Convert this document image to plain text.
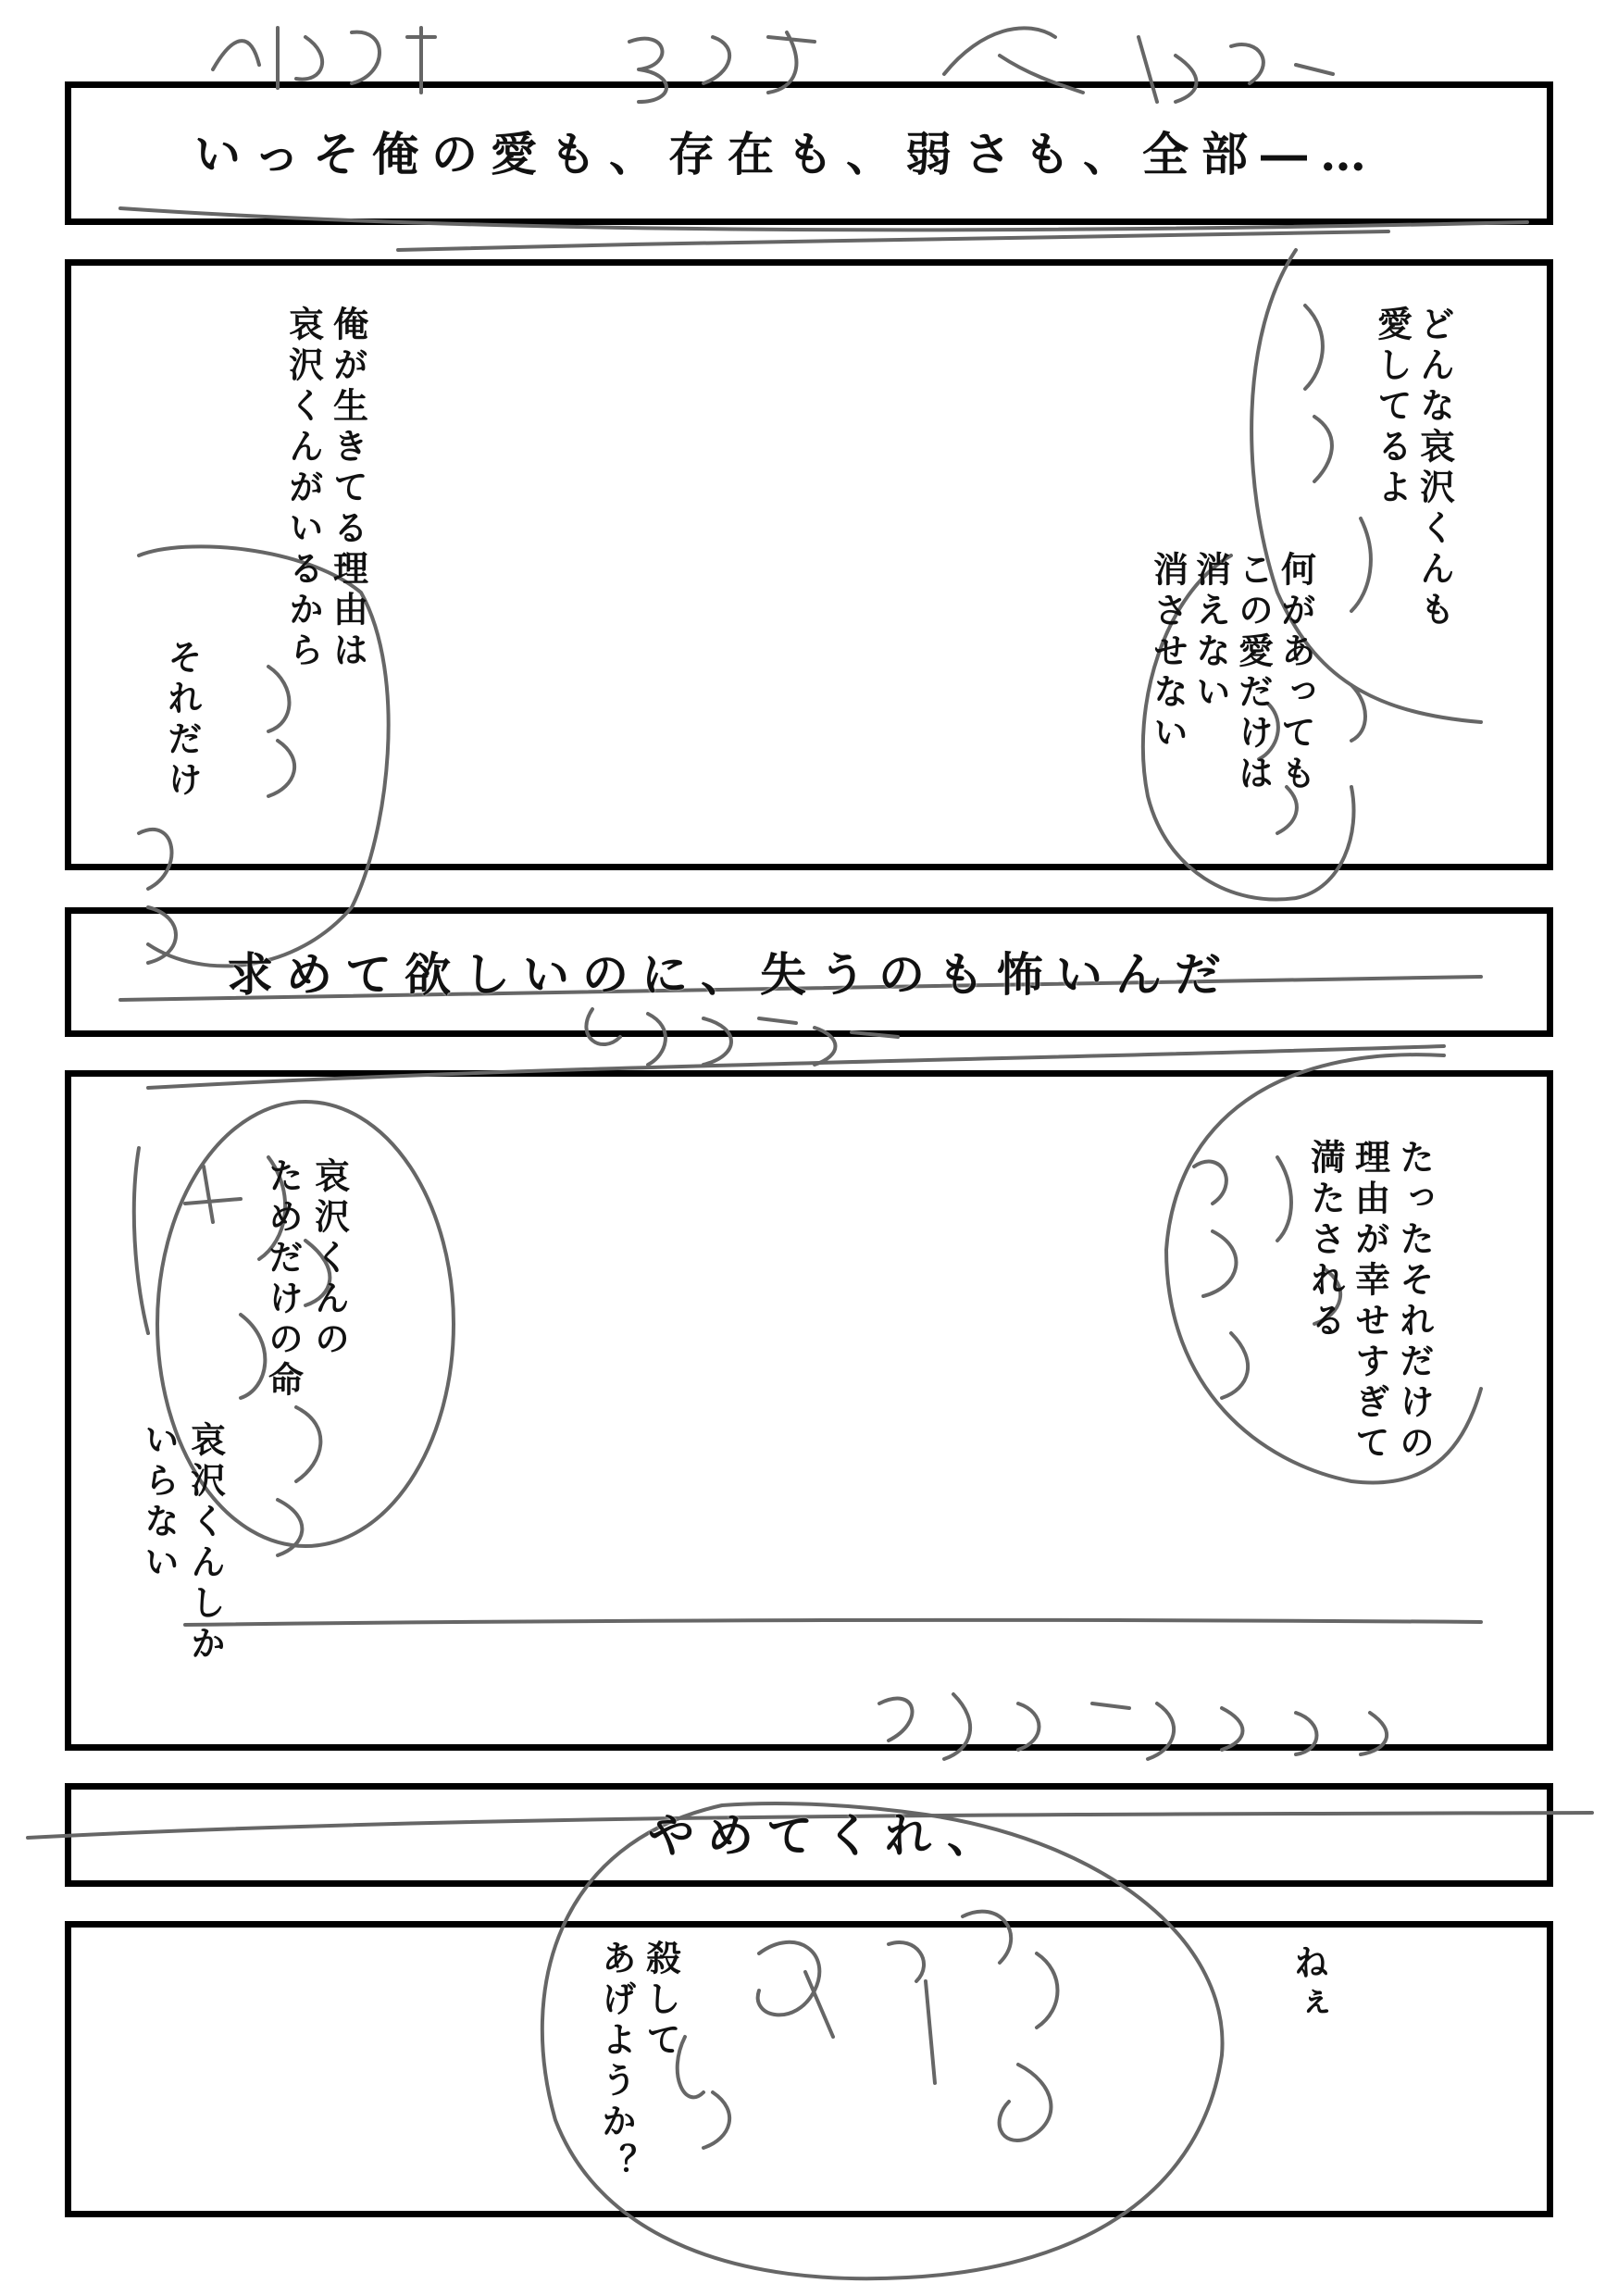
いっそ俺の愛も、存在も、弱さも、全部―…
俺が生きてる理由は
哀沢くんがいるから
それだけ
どんな哀沢くんも
愛してるよ
何があっても
この愛だけは
消えない
消させない
求めて欲しいのに、失うのも怖いんだ
哀沢くんの
ためだけの命
哀沢くんしか
いらない
たったそれだけの
理由が幸せすぎて
満たされる
やめてくれ、
殺して
あげようか？	ねぇ
